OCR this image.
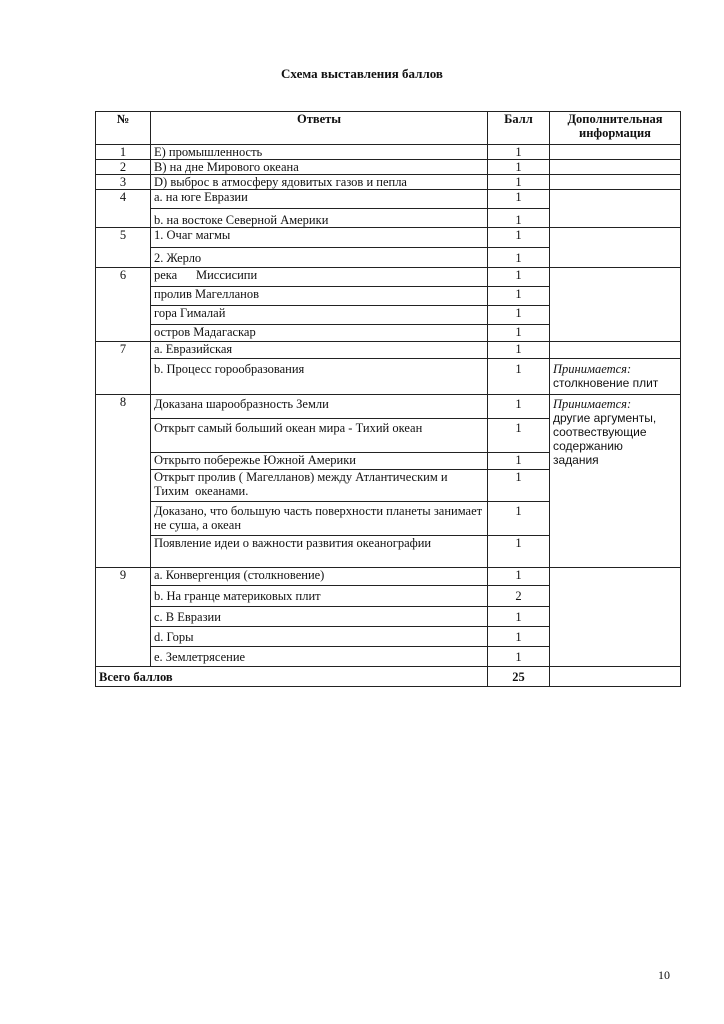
Схема выставления баллов
№	Ответы	Балл	Дополнительная информация
1	E) промышленность	1	
2	B) на дне Мирового океана	1	
3	D) выброс в атмосферу ядовитых газов и пепла	1	
4	a. на юге Евразии	1	
	b. на востоке Северной Америки	1	
5	1. Очаг магмы	1	
	2. Жерло	1	
6	река      Миссисипи	1	
	пролив Магелланов	1	
	гора Гималай	1	
	остров Мадагаскар	1	
7	a. Евразийская	1	
	b. Процесс горообразования	1	Принимается:
столкновение плит

8	Доказана шарообразность Земли	1	Принимается:
другие аргументы, соотвествующие содержанию задания

	Открыт самый больший океан мира - Тихий океан	1	
	Открыто побережье Южной Америки	1	
	Открыт пролив ( Магелланов) между Атлантическим и    Тихим  океанами.	1	
	Доказано, что большую часть поверхности планеты занимает не суша, а океан	1	
	Появление идеи о важности развития океанографии	1	
9	a. Конвергенция (столкновение)	1	
	b. На гранце материковых плит	2	
	c. В Евразии	1	
	d. Горы	1	
	e. Землетрясение	1	
Всего баллов		25	
10
